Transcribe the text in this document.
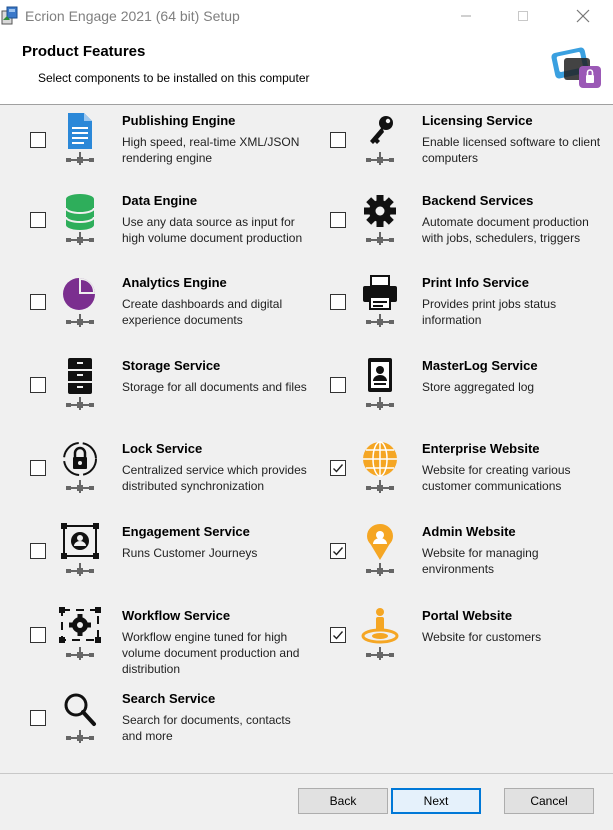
Ecrion Engage 2021 (64 bit) Setup
Product Features
Select components to be installed on this computer
Publishing Engine
High speed, real-time XML/JSON rendering engine
Licensing Service
Enable licensed software to client computers
Data Engine
Use any data source as input for high volume document production
Backend Services
Automate document production with jobs, schedulers, triggers
Analytics Engine
Create dashboards and digital experience documents
Print Info Service
Provides print jobs status information
Storage Service
Storage for all documents and files
MasterLog Service
Store aggregated log
Lock Service
Centralized service which provides distributed synchronization
Enterprise Website
Website for creating various customer communications
Engagement Service
Runs Customer Journeys
Admin Website
Website for managing environments
Workflow Service
Workflow engine tuned for high volume document production and distribution
Portal Website
Website for customers
Search Service
Search for documents, contacts and more
Back	Next	Cancel
